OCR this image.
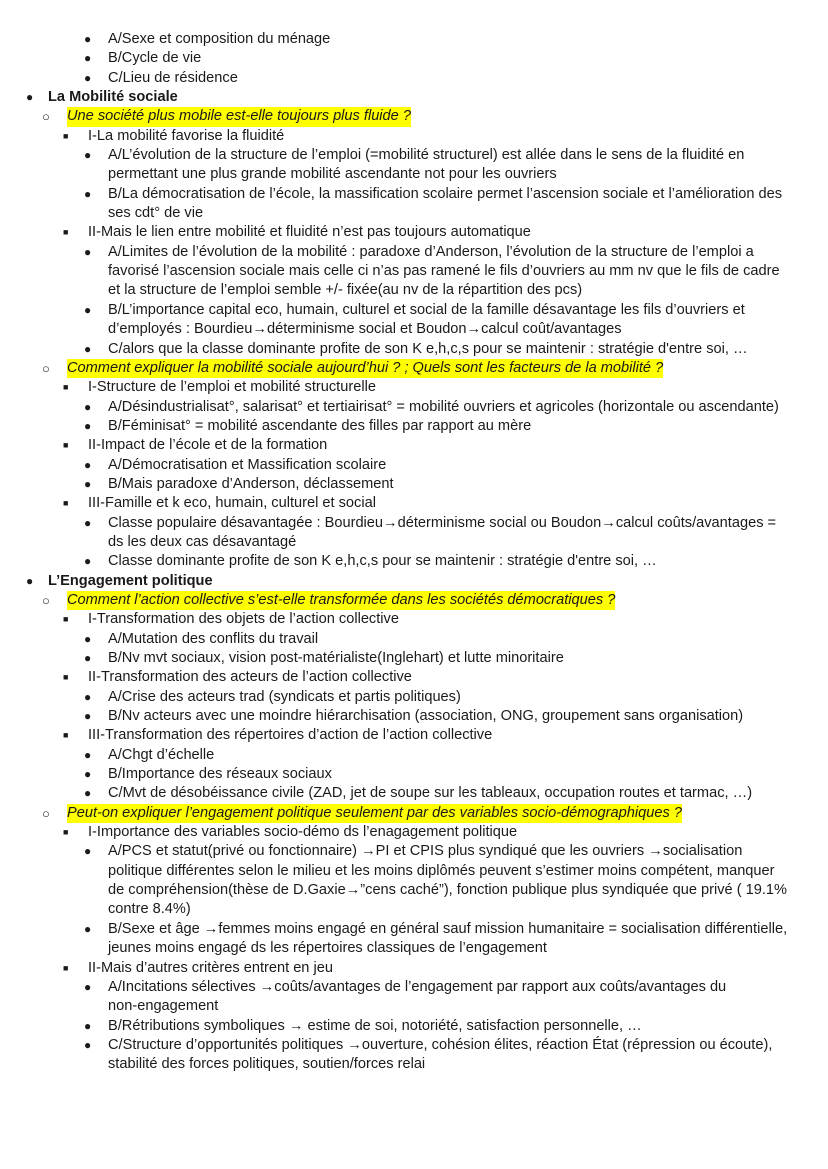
●	A/Sexe et composition du ménage
●	B/Cycle de vie
●	C/Lieu de résidence
●	La Mobilité sociale
○ Une société plus mobile est-elle toujours plus fluide ?
■	I-La mobilité favorise la fluidité
●	A/L’évolution de la structure de l’emploi (=mobilité structurel) est allée dans le sens de la fluidité en
permettant une plus grande mobilité ascendante not pour les ouvriers
●	B/La démocratisation de l’école, la massification scolaire permet l’ascension sociale et l’amélioration des
ses cdt° de vie
■	II-Mais le lien entre mobilité et fluidité n’est pas toujours automatique
●	A/Limites de l’évolution de la mobilité : paradoxe d’Anderson, l’évolution de la structure de l’emploi a
favorisé l’ascension sociale mais celle ci n’as pas ramené le fils d’ouvriers au mm nv que le fils de cadre
et la structure de l’emploi semble +/- fixée(au nv de la répartition des pcs)
●	B/L’importance capital eco, humain, culturel et social de la famille désavantage les fils d’ouvriers et
d’employés : Bourdieu→déterminisme social et Boudon→calcul coût/avantages
●	C/alors que la classe dominante profite de son K e,h,c,s pour se maintenir : stratégie d'entre soi, …
○ Comment expliquer la mobilité sociale aujourd’hui ? ; Quels sont les facteurs de la mobilité ?
■	I-Structure de l’emploi et mobilité structurelle
●	A/Désindustrialisat°, salarisat° et tertiairisat° = mobilité ouvriers et agricoles (horizontale ou ascendante)
●	B/Féminisat° = mobilité ascendante des filles par rapport au mère
■	II-Impact de l’école et de la formation
●	A/Démocratisation et Massification scolaire
●	B/Mais paradoxe d’Anderson, déclassement
■	III-Famille et k eco, humain, culturel et social
●	Classe populaire désavantagée : Bourdieu→déterminisme social ou Boudon→calcul coûts/avantages =
ds les deux cas désavantagé
●	Classe dominante profite de son K e,h,c,s pour se maintenir : stratégie d'entre soi, …
●	L’Engagement politique
○ Comment l’action collective s’est-elle transformée dans les sociétés démocratiques ?
■	I-Transformation des objets de l’action collective
●	A/Mutation des conflits du travail
●	B/Nv mvt sociaux, vision post-matérialiste(Inglehart) et lutte minoritaire
■	II-Transformation des acteurs de l’action collective
●	A/Crise des acteurs trad (syndicats et partis politiques)
●	B/Nv acteurs avec une moindre hiérarchisation (association, ONG, groupement sans organisation)
■	III-Transformation des répertoires d’action de l’action collective
●	A/Chgt d’échelle
●	B/Importance des réseaux sociaux
●	C/Mvt de désobéissance civile (ZAD, jet de soupe sur les tableaux, occupation routes et tarmac, …)
○ Peut-on expliquer l’engagement politique seulement par des variables socio-démographiques ?
■	I-Importance des variables socio-démo ds l’enagagement politique
●	A/PCS et statut(privé ou fonctionnaire) →PI et CPIS plus syndiqué que les ouvriers →socialisation
politique différentes selon le milieu et les moins diplômés peuvent s’estimer moins compétent, manquer
de compréhension(thèse de D.Gaxie→”cens caché”), fonction publique plus syndiquée que privé ( 19.1%
contre 8.4%)
●	B/Sexe et âge →femmes moins engagé en général sauf mission humanitaire = socialisation différentielle,
jeunes moins engagé ds les répertoires classiques de l’engagement
■	II-Mais d’autres critères entrent en jeu
●	A/Incitations sélectives →coûts/avantages de l’engagement par rapport aux coûts/avantages du
non-engagement
●	B/Rétributions symboliques → estime de soi, notoriété, satisfaction personnelle, …
●	C/Structure d’opportunités politiques →ouverture, cohésion élites, réaction État (répression ou écoute),
stabilité des forces politiques, soutien/forces relai
